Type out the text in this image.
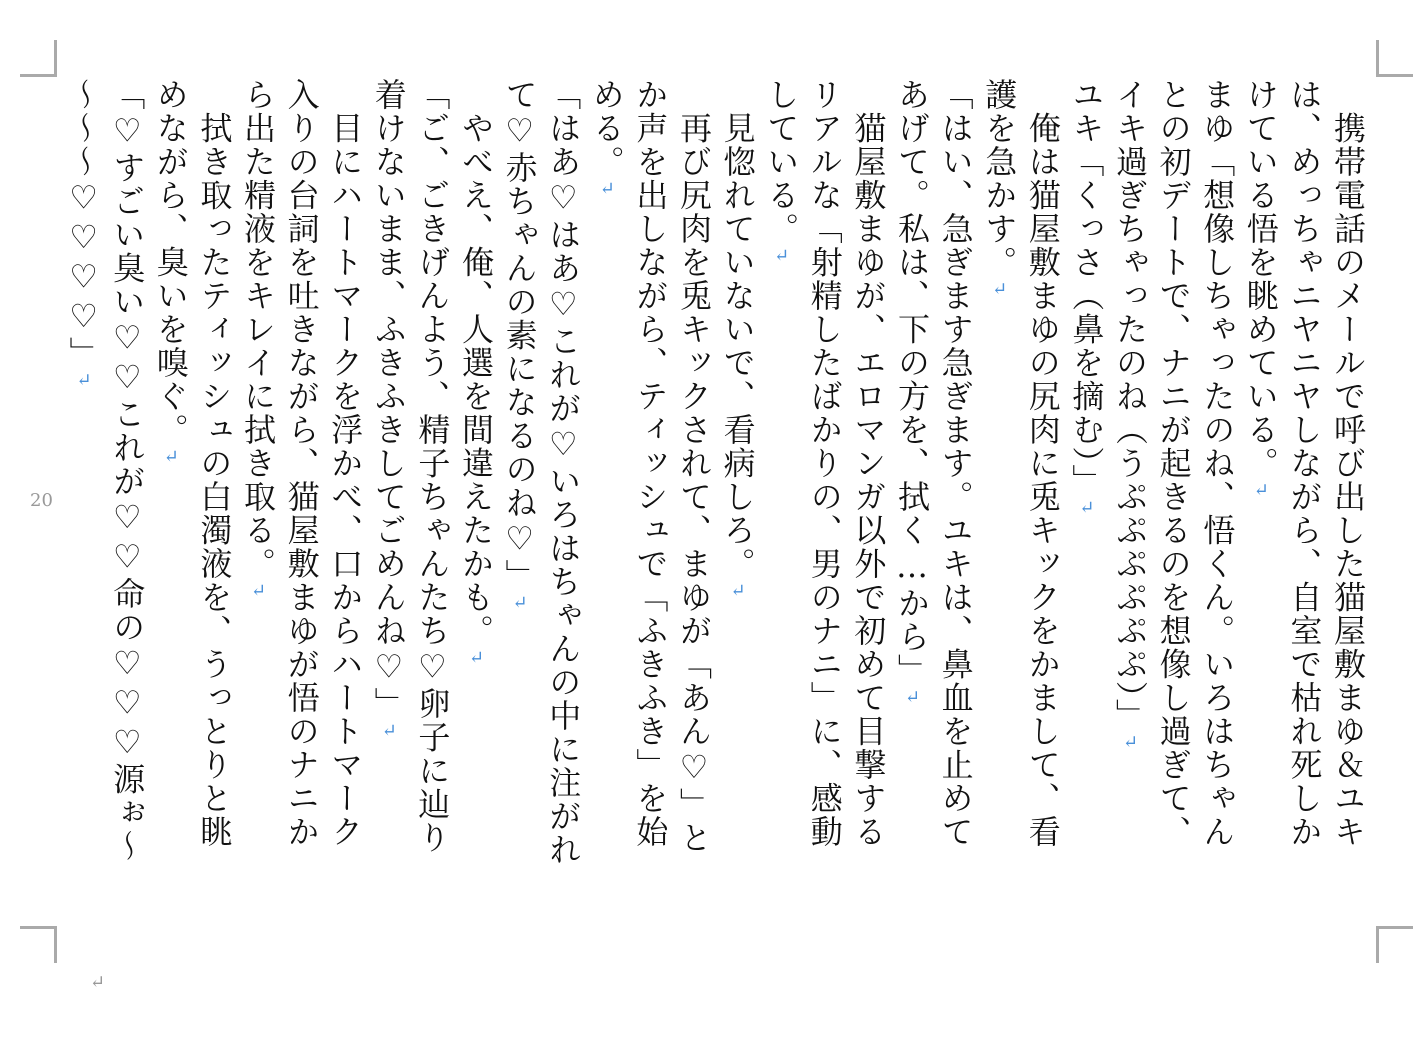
　携帯電話のメールで呼び出した猫屋敷まゆ＆ユキ
は、めっちゃニヤニヤしながら、自室で枯れ死しか
けている悟を眺めている。↵
まゆ「想像しちゃったのね、悟くん。いろはちゃん
との初デートで、ナニが起きるのを想像し過ぎて、
イキ過ぎちゃったのね（うぷぷぷぷぷぷ）」↵
ユキ「くっさ（鼻を摘む）」↵
　俺は猫屋敷まゆの尻肉に兎キックをかまして、看
護を急かす。↵
「はい、急ぎます急ぎます。ユキは、鼻血を止めて
あげて。私は、下の方を、拭く…から」↵
　猫屋敷まゆが、エロマンガ以外で初めて目撃する
リアルな「射精したばかりの、男のナニ」に、感動
している。↵
　見惚れていないで、看病しろ。↵
　再び尻肉を兎キックされて、まゆが「あん♡」と
か声を出しながら、ティッシュで「ふきふき」を始
める。↵
「はあ♡はあ♡これが♡いろはちゃんの中に注がれ
て♡赤ちゃんの素になるのね♡」↵
　やべえ、俺、人選を間違えたかも。↵
「ご、ごきげんよう、精子ちゃんたち♡卵子に辿り
着けないまま、ふきふきしてごめんね♡」↵
　目にハートマークを浮かべ、口からハートマーク
入りの台詞を吐きながら、猫屋敷まゆが悟のナニか
ら出た精液をキレイに拭き取る。↵
　拭き取ったティッシュの白濁液を、うっとりと眺
めながら、臭いを嗅ぐ。↵
「♡すごい臭い♡♡これが♡♡命の♡♡♡源ぉ〜
〜〜〜♡♡♡♡」↵
20
↵
